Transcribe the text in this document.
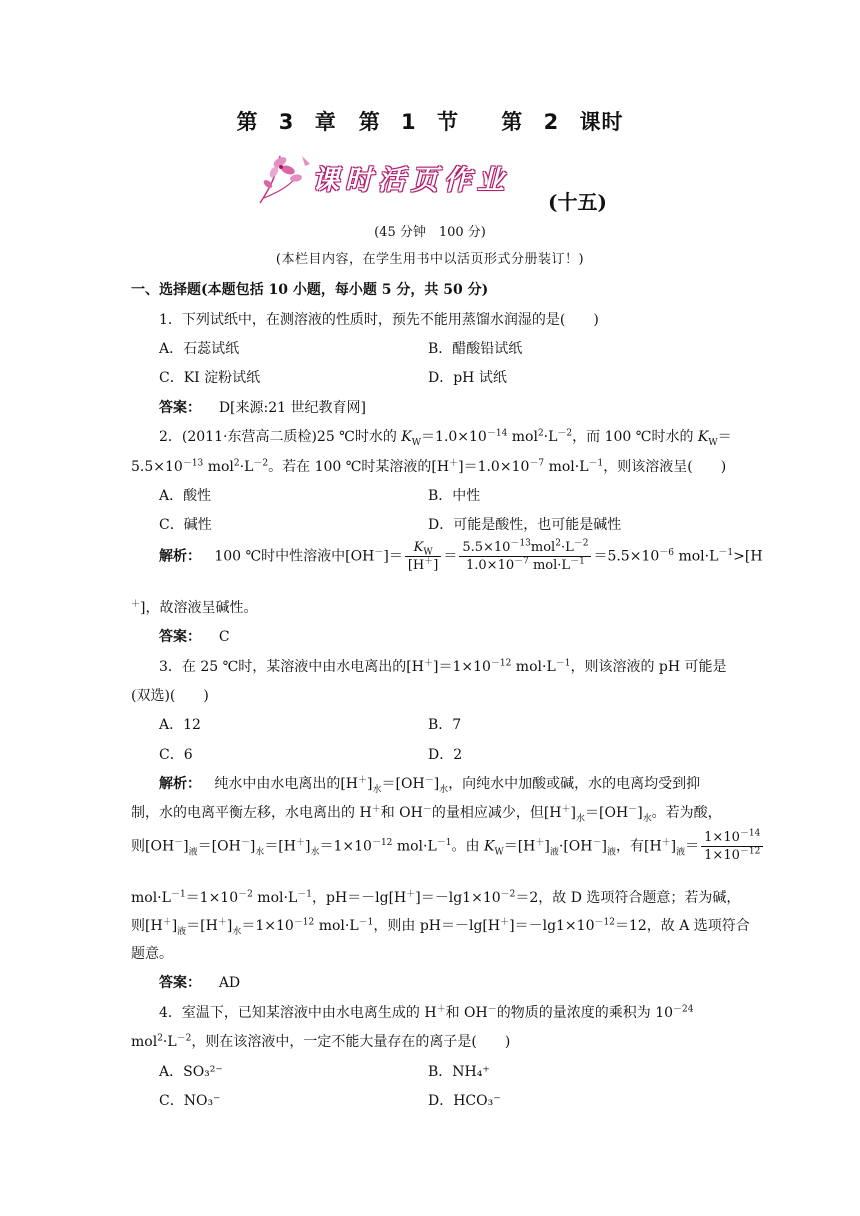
第 3 章　第 1 节　 第 2 课时
课时活页作业
(十五)
(45 分钟　100 分)
(本栏目内容，在学生用书中以活页形式分册装订！)
一、选择题(本题包括 10 小题，每小题 5 分，共 50 分)
1．下列试纸中，在测溶液的性质时，预先不能用蒸馏水润湿的是(　　)
A．石蕊试纸	B．醋酸铅试纸
C．KI 淀粉试纸	D．pH 试纸
答案： D[来源:21 世纪教育网]
2．(2011·东营高二质检)25 ℃时水的 $K_W=1.0\times 10^{-14}$ $mol^2\cdot L^{-2}$，而 100 ℃时水的 $K_W=$
$5.5\times 10^{-13}$ $mol^2\cdot L^{-2}$。若在 100 ℃时某溶液的$[H^+]=1.0\times 10^{-7}$ $mol\cdot L^{-1}$，则该溶液呈(　　)
A．酸性	B．中性
C．碱性	D．可能是酸性，也可能是碱性
解析：   100 ℃时中性溶液中$[OH^-]= \frac{K_W}{[H^+]} = \frac{5.5\times 10^{-13}mol^2\cdot L^{-2}}{1.0\times 10^{-7} mol\cdot L^{-1}} =5.5\times 10^{-6}$ $mol\cdot L^{-1}>[H$
＋]，故溶液呈碱性。
答案： C
3．在 25 ℃时，某溶液中由水电离出的$[H^+]=1\times 10^{-12}$ $mol\cdot L^{-1}$，则该溶液的 pH 可能是
(双选)(　　)
A．12	B．7
C．6	D．2
解析：   纯水中由水电离出的$[H^+]_水=[OH^-]_水$，向纯水中加酸或碱，水的电离均受到抑
制，水的电离平衡左移，水电离出的 H＋和 OH－的量相应减少，但$[H^+]_水=[OH^-]_水$。若为酸，
则$[OH^-]_液=[OH^-]_水=[H^+]_水=1\times 10^{-12}$ $mol\cdot L^{-1}$。由 $K_W=[H^+]_液\cdot[OH^-]_液$，有$[H^+]_液= \frac{1\times 10^{-14}}{1\times 10^{-12}}$
$mol\cdot L^{-1}=1\times 10^{-2}$ $mol\cdot L^{-1}$，$pH=-\lg[H^+]=-\lg 1\times 10^{-2}=2$，故 D 选项符合题意；若为碱，
则$[H^+]_液=[H^+]_水=1\times 10^{-12}$ $mol\cdot L^{-1}$，则由 $pH=-\lg[H^+]=-\lg 1\times 10^{-12}=12$，故 A 选项符合
题意。
答案： AD
4．室温下，已知某溶液中由水电离生成的 H＋和 OH－的物质的量浓度的乘积为 $10^{-24}$
$mol^2\cdot L^{-2}$，则在该溶液中，一定不能大量存在的离子是(　　)
A．SO₃²⁻	B．NH₄⁺
C．NO₃⁻	D．HCO₃⁻
